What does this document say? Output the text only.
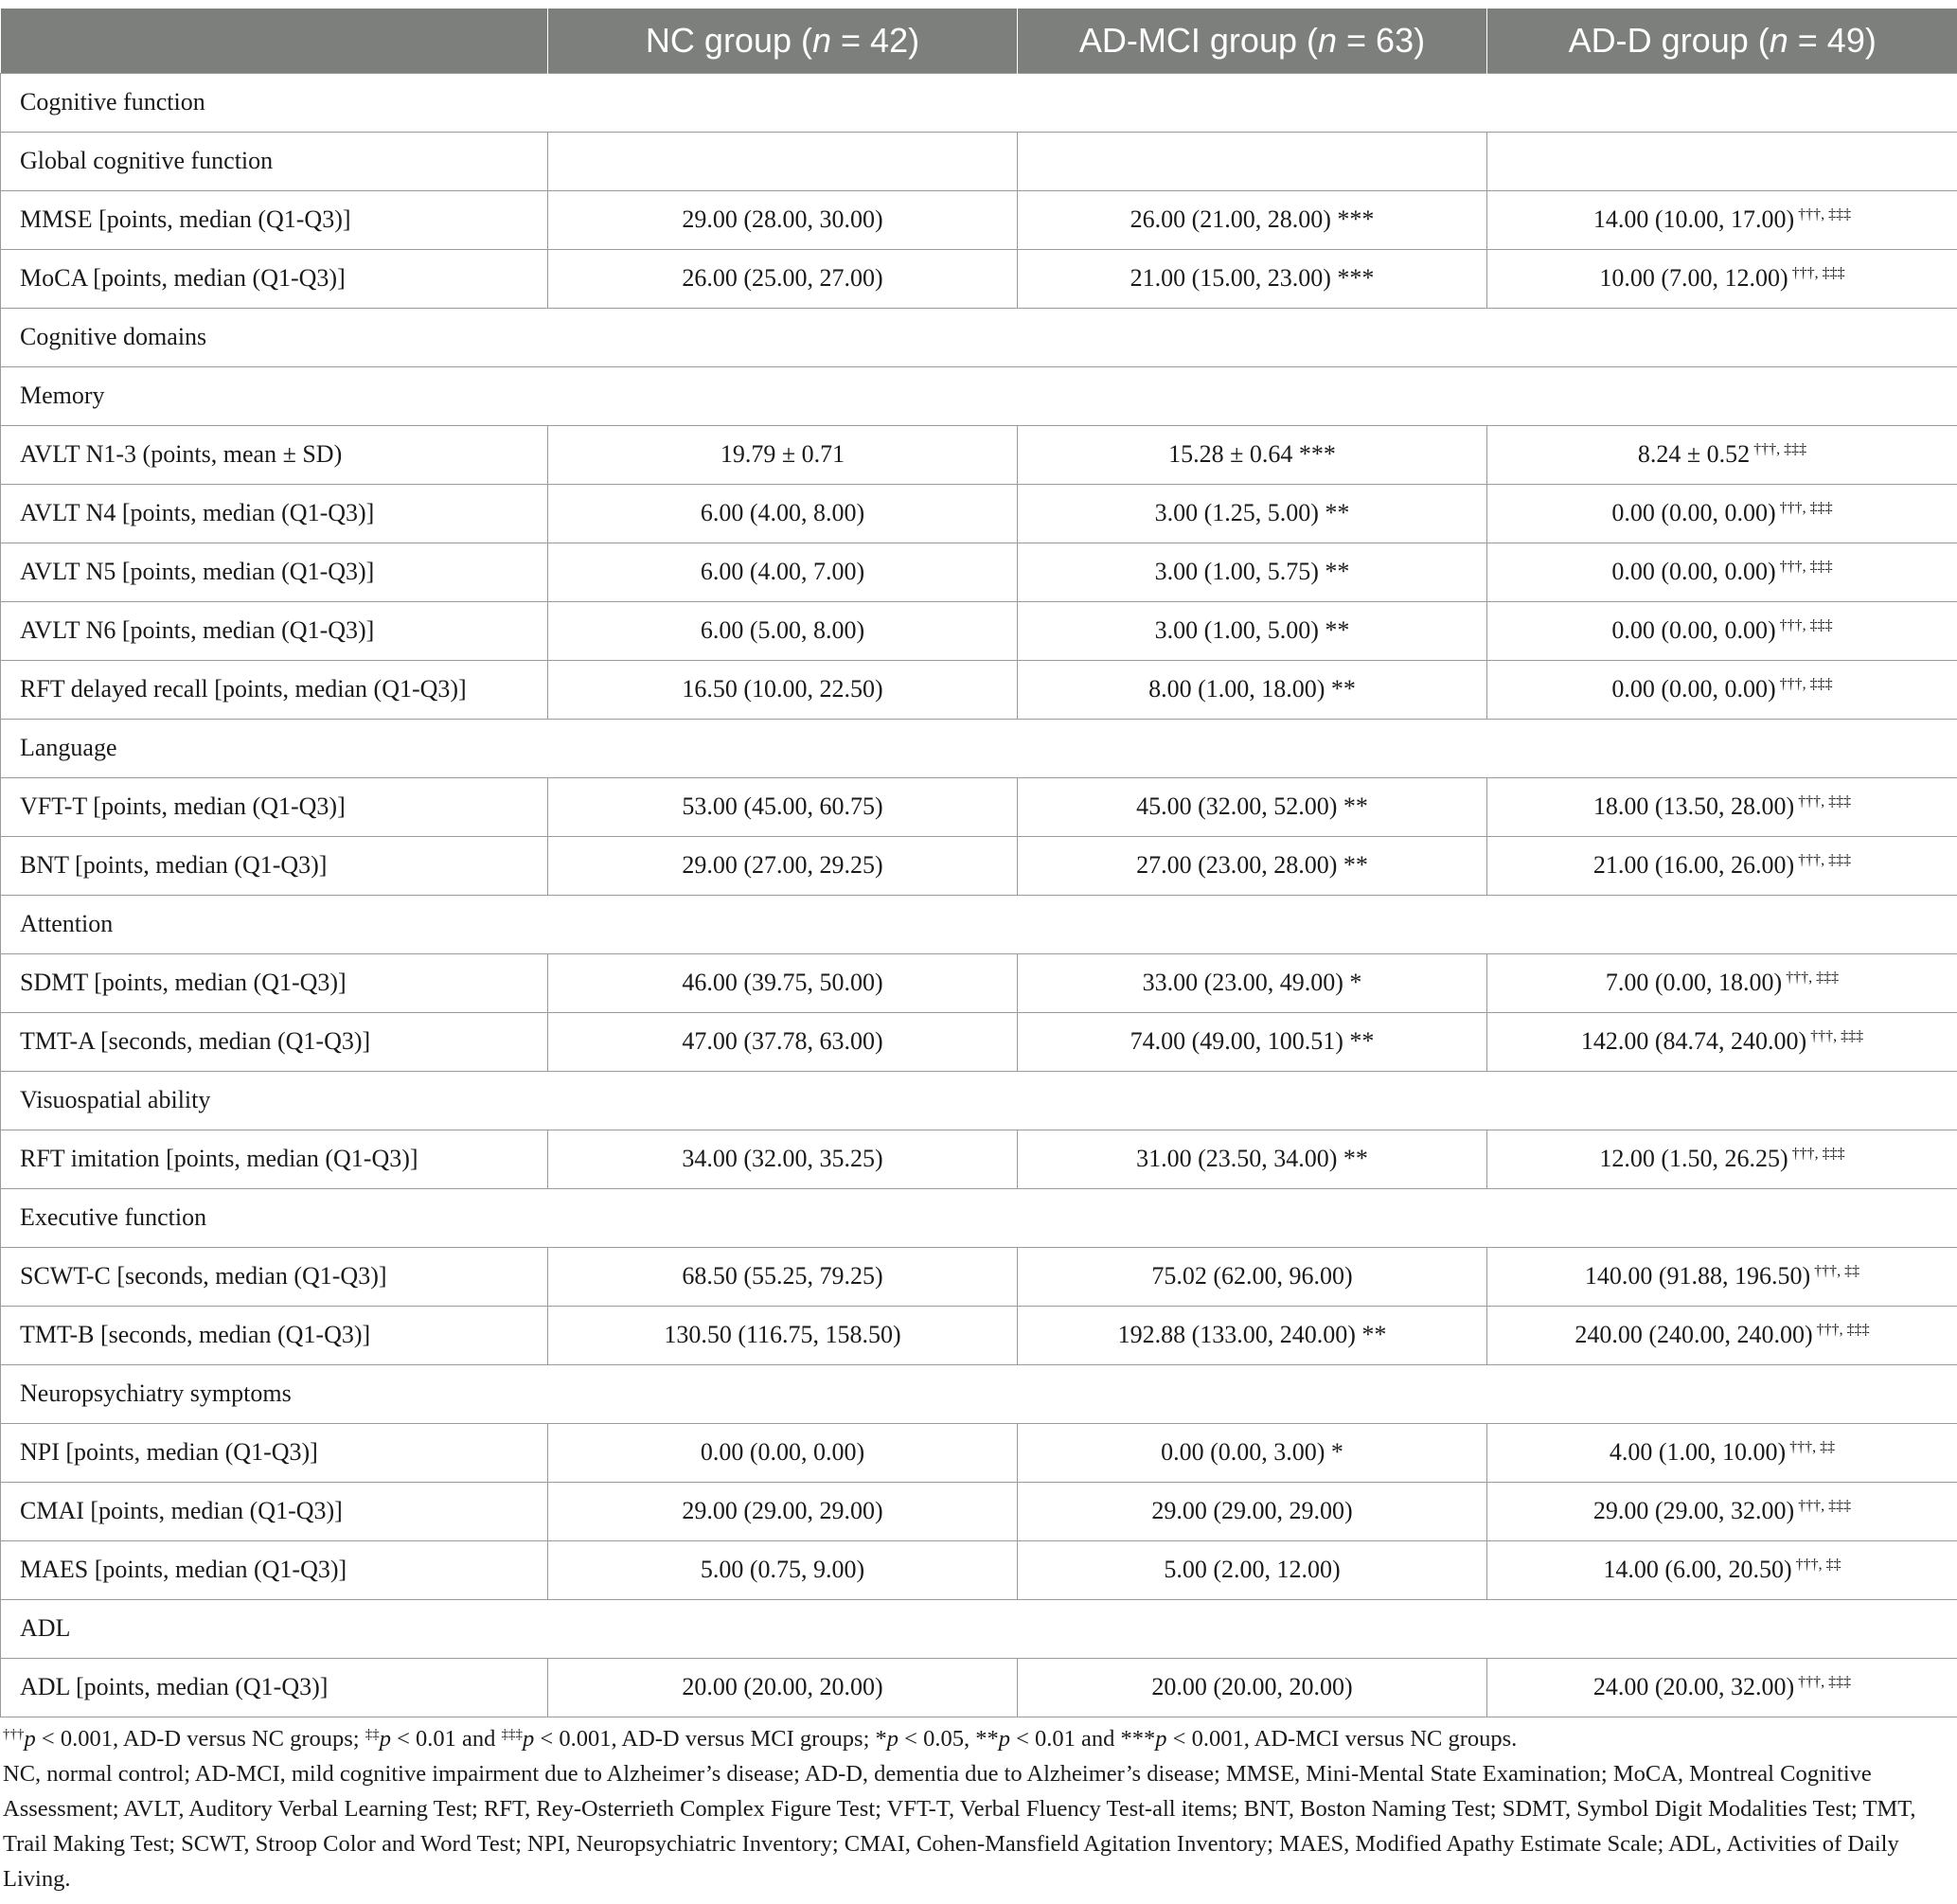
	NC group (n = 42)	AD-MCI group (n = 63)	AD-D group (n = 49)
Cognitive function			
Global cognitive function			
MMSE [points, median (Q1-Q3)]	29.00 (28.00, 30.00)	26.00 (21.00, 28.00) ***	14.00 (10.00, 17.00) †††, ‡‡‡
MoCA [points, median (Q1-Q3)]	26.00 (25.00, 27.00)	21.00 (15.00, 23.00) ***	10.00 (7.00, 12.00) †††, ‡‡‡
Cognitive domains			
Memory			
AVLT N1-3 (points, mean ± SD)	19.79 ± 0.71	15.28 ± 0.64 ***	8.24 ± 0.52 †††, ‡‡‡
AVLT N4 [points, median (Q1-Q3)]	6.00 (4.00, 8.00)	3.00 (1.25, 5.00) **	0.00 (0.00, 0.00) †††, ‡‡‡
AVLT N5 [points, median (Q1-Q3)]	6.00 (4.00, 7.00)	3.00 (1.00, 5.75) **	0.00 (0.00, 0.00) †††, ‡‡‡
AVLT N6 [points, median (Q1-Q3)]	6.00 (5.00, 8.00)	3.00 (1.00, 5.00) **	0.00 (0.00, 0.00) †††, ‡‡‡
RFT delayed recall [points, median (Q1-Q3)]	16.50 (10.00, 22.50)	8.00 (1.00, 18.00) **	0.00 (0.00, 0.00) †††, ‡‡‡
Language			
VFT-T [points, median (Q1-Q3)]	53.00 (45.00, 60.75)	45.00 (32.00, 52.00) **	18.00 (13.50, 28.00) †††, ‡‡‡
BNT [points, median (Q1-Q3)]	29.00 (27.00, 29.25)	27.00 (23.00, 28.00) **	21.00 (16.00, 26.00) †††, ‡‡‡
Attention			
SDMT [points, median (Q1-Q3)]	46.00 (39.75, 50.00)	33.00 (23.00, 49.00) *	7.00 (0.00, 18.00) †††, ‡‡‡
TMT-A [seconds, median (Q1-Q3)]	47.00 (37.78, 63.00)	74.00 (49.00, 100.51) **	142.00 (84.74, 240.00) †††, ‡‡‡
Visuospatial ability			
RFT imitation [points, median (Q1-Q3)]	34.00 (32.00, 35.25)	31.00 (23.50, 34.00) **	12.00 (1.50, 26.25) †††, ‡‡‡
Executive function			
SCWT-C [seconds, median (Q1-Q3)]	68.50 (55.25, 79.25)	75.02 (62.00, 96.00)	140.00 (91.88, 196.50) †††, ‡‡
TMT-B [seconds, median (Q1-Q3)]	130.50 (116.75, 158.50)	192.88 (133.00, 240.00) **	240.00 (240.00, 240.00) †††, ‡‡‡
Neuropsychiatry symptoms			
NPI [points, median (Q1-Q3)]	0.00 (0.00, 0.00)	0.00 (0.00, 3.00) *	4.00 (1.00, 10.00) †††, ‡‡
CMAI [points, median (Q1-Q3)]	29.00 (29.00, 29.00)	29.00 (29.00, 29.00)	29.00 (29.00, 32.00) †††, ‡‡‡
MAES [points, median (Q1-Q3)]	5.00 (0.75, 9.00)	5.00 (2.00, 12.00)	14.00 (6.00, 20.50) †††, ‡‡
ADL			
ADL [points, median (Q1-Q3)]	20.00 (20.00, 20.00)	20.00 (20.00, 20.00)	24.00 (20.00, 32.00) †††, ‡‡‡

†††p < 0.001, AD-D versus NC groups; ‡‡p < 0.01 and ‡‡‡p < 0.001, AD-D versus MCI groups; *p < 0.05, **p < 0.01 and ***p < 0.001, AD-MCI versus NC groups.

NC, normal control; AD-MCI, mild cognitive impairment due to Alzheimer’s disease; AD-D, dementia due to Alzheimer’s disease; MMSE, Mini-Mental State Examination; MoCA, Montreal Cognitive Assessment; AVLT, Auditory Verbal Learning Test; RFT, Rey-Osterrieth Complex Figure Test; VFT-T, Verbal Fluency Test-all items; BNT, Boston Naming Test; SDMT, Symbol Digit Modalities Test; TMT, Trail Making Test; SCWT, Stroop Color and Word Test; NPI, Neuropsychiatric Inventory; CMAI, Cohen-Mansfield Agitation Inventory; MAES, Modified Apathy Estimate Scale; ADL, Activities of Daily Living.
